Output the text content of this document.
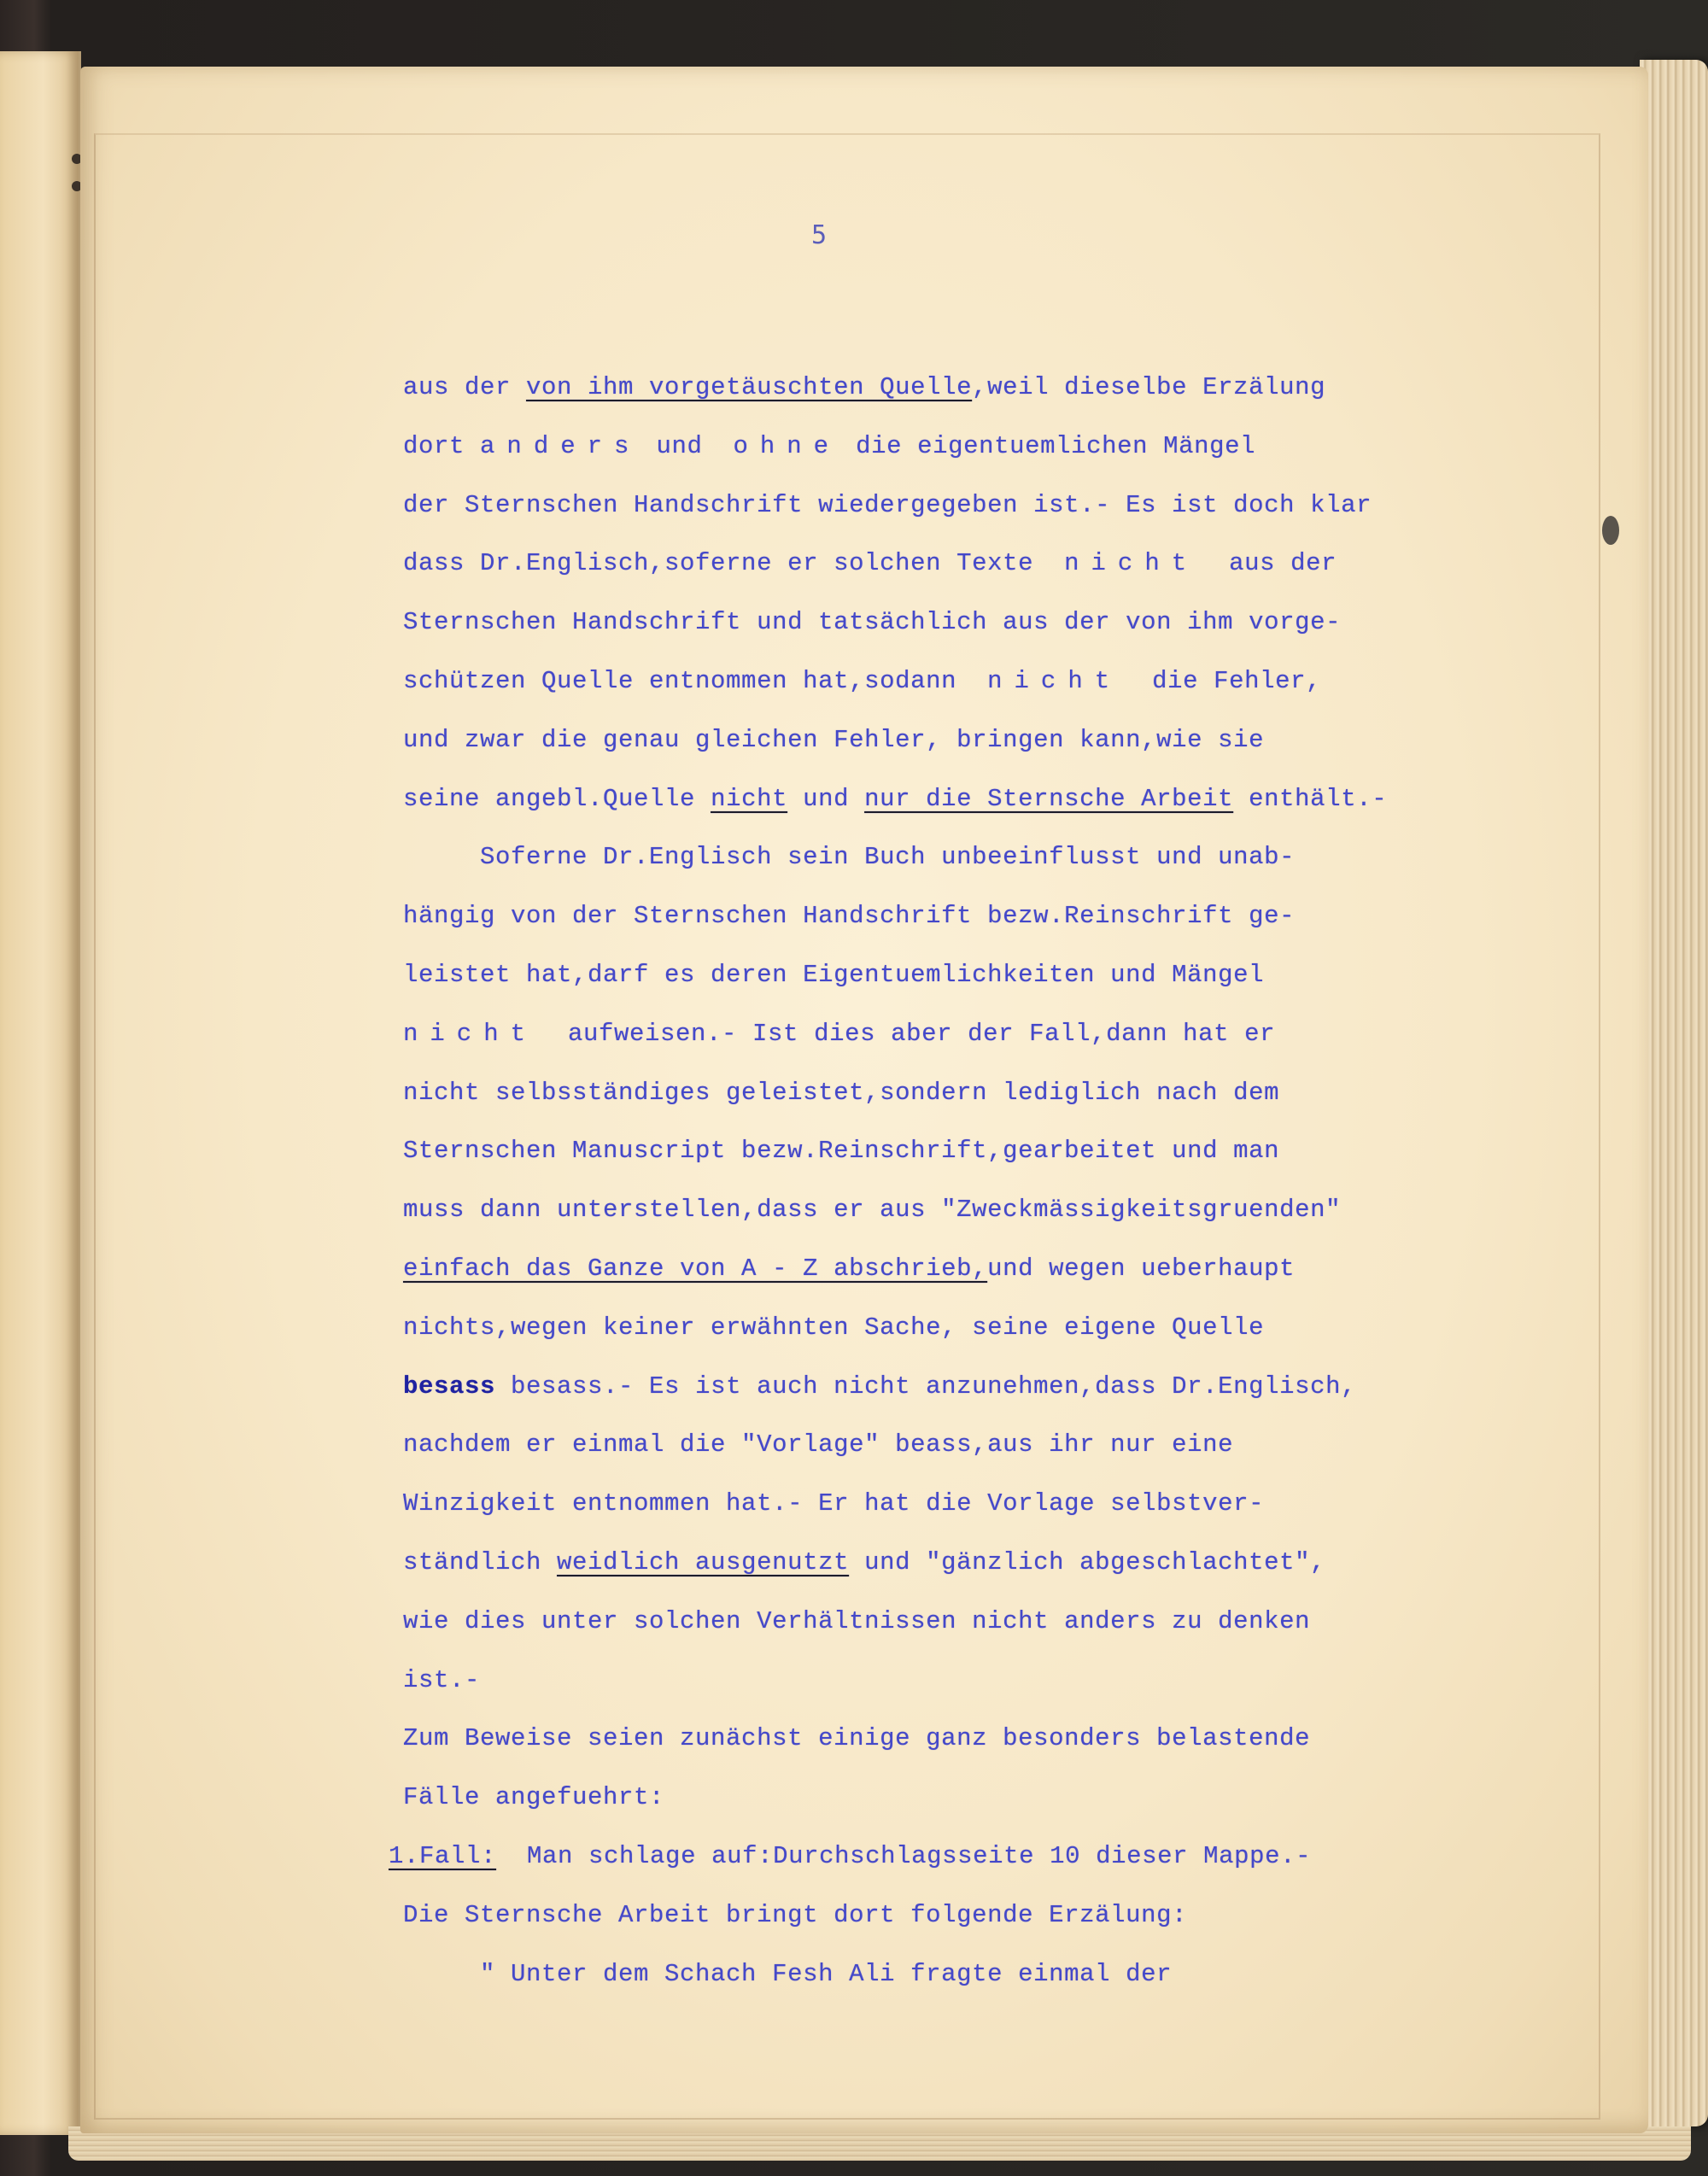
5
aus der von ihm vorgetäuschten Quelle,weil dieselbe Erzälung
dort anders und  ohne die eigentuemlichen Mängel
der Sternschen Handschrift wiedergegeben ist.- Es ist doch klar
dass Dr.Englisch,soferne er solchen Texte  nicht  aus der
Sternschen Handschrift und tatsächlich aus der von ihm vorge-
schützen Quelle entnommen hat,sodann  nicht  die Fehler,
und zwar die genau gleichen Fehler, bringen kann,wie sie
seine angebl.Quelle nicht und nur die Sternsche Arbeit enthält.-
Soferne Dr.Englisch sein Buch unbeeinflusst und unab-
hängig von der Sternschen Handschrift bezw.Reinschrift ge-
leistet hat,darf es deren Eigentuemlichkeiten und Mängel
nicht  aufweisen.- Ist dies aber der Fall,dann hat er
nicht selbsständiges geleistet,sondern lediglich nach dem
Sternschen Manuscript bezw.Reinschrift,gearbeitet und man
muss dann unterstellen,dass er aus "Zweckmässigkeitsgruenden"
einfach das Ganze von A - Z abschrieb,und wegen ueberhaupt
nichts,wegen keiner erwähnten Sache, seine eigene Quelle
besass besass.- Es ist auch nicht anzunehmen,dass Dr.Englisch,
nachdem er einmal die "Vorlage" beass,aus ihr nur eine
Winzigkeit entnommen hat.- Er hat die Vorlage selbstver-
ständlich weidlich ausgenutzt und "gänzlich abgeschlachtet",
wie dies unter solchen Verhältnissen nicht anders zu denken
ist.-
Zum Beweise seien zunächst einige ganz besonders belastende
Fälle angefuehrt:
1.Fall:  Man schlage auf:Durchschlagsseite 10 dieser Mappe.-
Die Sternsche Arbeit bringt dort folgende Erzälung:
" Unter dem Schach Fesh Ali fragte einmal der
